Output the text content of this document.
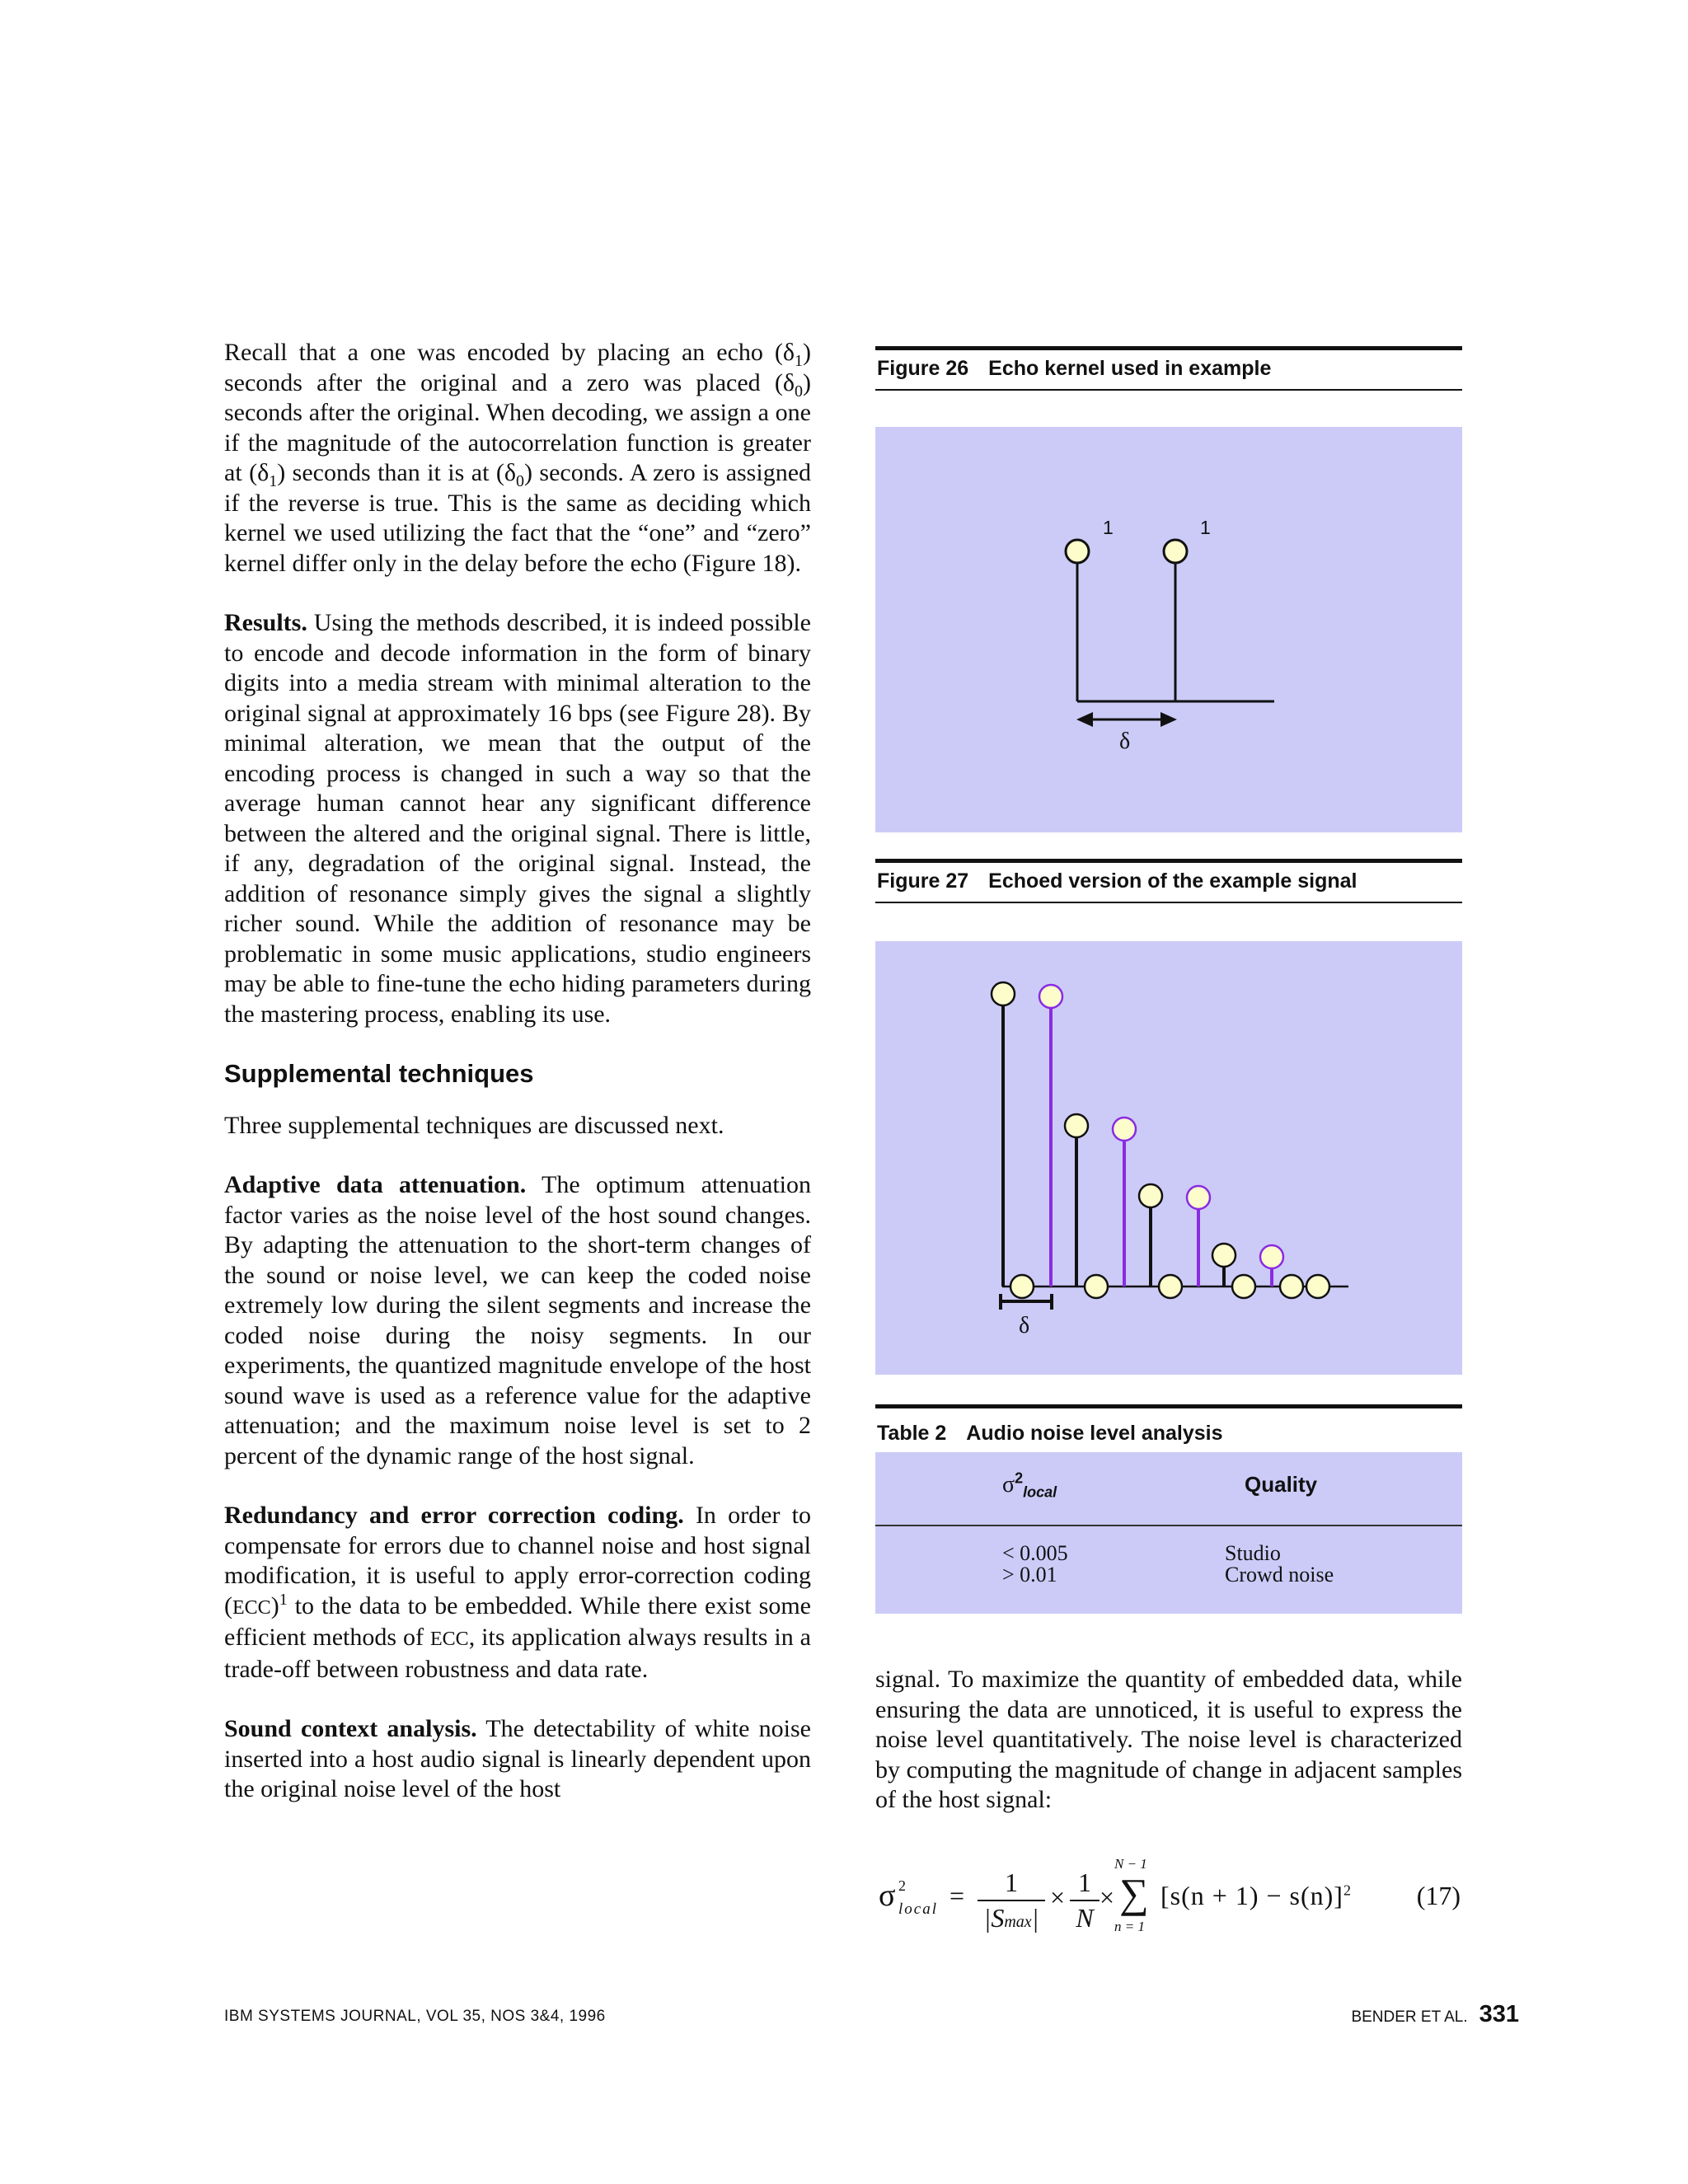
Recall that a one was encoded by placing an echo $(\delta_1)$ seconds after the original and a zero was placed $(\delta_0)$ seconds after the original. When decoding, we assign a one if the magnitude of the autocorrelation function is greater at $(\delta_1)$ seconds than it is at $(\delta_0)$ seconds. A zero is assigned if the reverse is true. This is the same as deciding which kernel we used utilizing the fact that the “one” and “zero” kernel differ only in the delay before the echo (Figure 18).

Results. Using the methods described, it is indeed possible to encode and decode information in the form of binary digits into a media stream with minimal alteration to the original signal at approximately 16 bps (see Figure 28). By minimal alteration, we mean that the output of the encoding process is changed in such a way so that the average human cannot hear any significant difference between the altered and the original signal. There is little, if any, degradation of the original signal. Instead, the addition of resonance simply gives the signal a slightly richer sound. While the addition of resonance may be problematic in some music applications, studio engineers may be able to fine-tune the echo hiding parameters during the mastering process, enabling its use.

Supplemental techniques

Three supplemental techniques are discussed next.

Adaptive data attenuation. The optimum attenuation factor varies as the noise level of the host sound changes. By adapting the attenuation to the short-term changes of the sound or noise level, we can keep the coded noise extremely low during the silent segments and increase the coded noise during the noisy segments. In our experiments, the quantized magnitude envelope of the host sound wave is used as a reference value for the adaptive attenuation; and the maximum noise level is set to 2 percent of the dynamic range of the host signal.

Redundancy and error correction coding. In order to compensate for errors due to channel noise and host signal modification, it is useful to apply error-correction coding (ECC)$^1$ to the data to be embedded. While there exist some efficient methods of ECC, its application always results in a trade-off between robustness and data rate.

Sound context analysis. The detectability of white noise inserted into a host audio signal is linearly dependent upon the original noise level of the host

Figure 26 Echo kernel used in example
1	1
δ
Figure 27 Echoed version of the example signal
δ
Table 2 Audio noise level analysis
$\sigma^2_{local}$	Quality
< 0.005	Studio
> 0.01	Crowd noise
signal. To maximize the quantity of embedded data, while ensuring the data are unnoticed, it is useful to express the noise level quantitatively. The noise level is characterized by computing the magnitude of change in adjacent samples of the host signal:
σ 2
local =	1
|Smax|
× $\frac{1}{N}$ ×
N − 1
∑
n = 1
$[s(n + 1) - s(n)]^2$ (17)
IBM SYSTEMS JOURNAL, VOL 35, NOS 3&4, 1996	BENDER ET AL. 331
